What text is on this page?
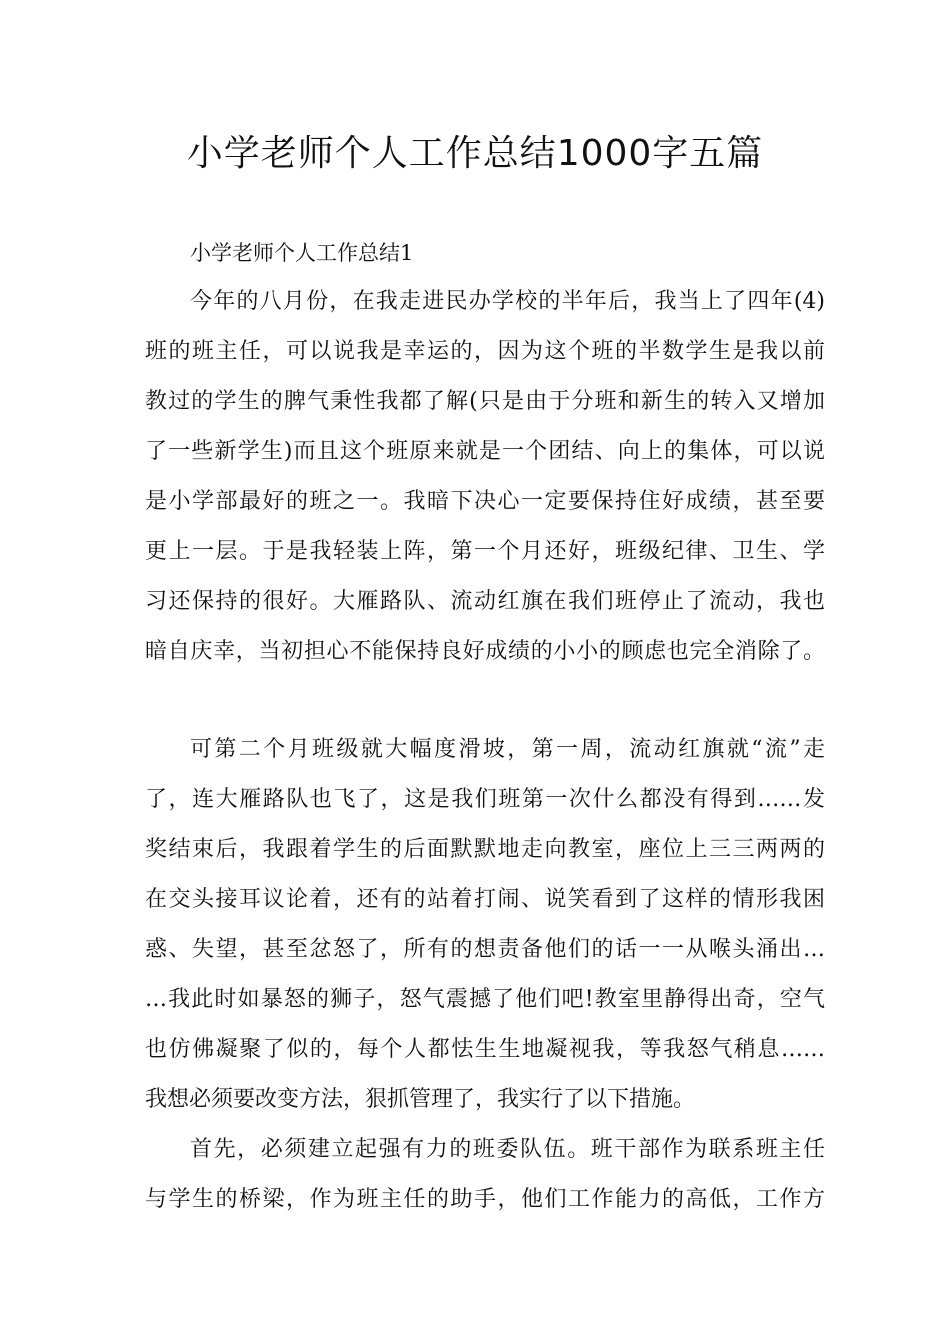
小学老师个人工作总结1000字五篇

小学老师个人工作总结1

今年的八月份，在我走进民办学校的半年后，我当上了四年(4)

班的班主任，可以说我是幸运的，因为这个班的半数学生是我以前

教过的学生的脾气秉性我都了解(只是由于分班和新生的转入又增加

了一些新学生)而且这个班原来就是一个团结、向上的集体，可以说

是小学部最好的班之一。我暗下决心一定要保持住好成绩，甚至要

更上一层。于是我轻装上阵，第一个月还好，班级纪律、卫生、学

习还保持的很好。大雁路队、流动红旗在我们班停止了流动，我也

暗自庆幸，当初担心不能保持良好成绩的小小的顾虑也完全消除了。

可第二个月班级就大幅度滑坡，第一周，流动红旗就“流”走

了，连大雁路队也飞了，这是我们班第一次什么都没有得到……发

奖结束后，我跟着学生的后面默默地走向教室，座位上三三两两的

在交头接耳议论着，还有的站着打闹、说笑看到了这样的情形我困

惑、失望，甚至忿怒了，所有的想责备他们的话一一从喉头涌出…

…我此时如暴怒的狮子，怒气震撼了他们吧!教室里静得出奇，空气

也仿佛凝聚了似的，每个人都怯生生地凝视我，等我怒气稍息……

我想必须要改变方法，狠抓管理了，我实行了以下措施。

首先，必须建立起强有力的班委队伍。班干部作为联系班主任

与学生的桥梁，作为班主任的助手，他们工作能力的高低，工作方
